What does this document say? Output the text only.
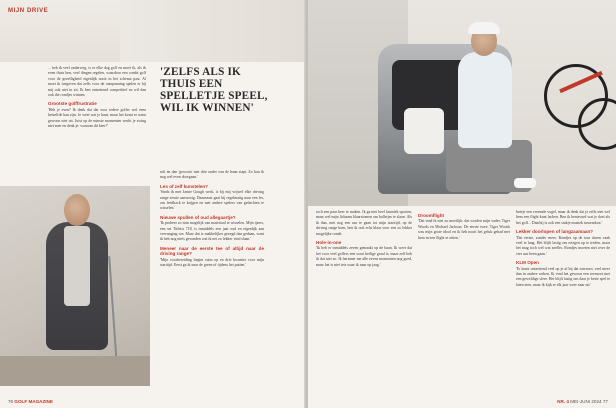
MIJN DRIVE

... heb ik veel onderweg, is er elke dag golf en moet ik, als ik even thuis ben, veel dingen regelen, waardoor een combi golf voor de gezelligheid eigenlijk nooit in het schema past. Al moet ik toegeven dat zelfs voor de ontspanning spelen er bij mij ook niet in zit. Ik ben ontzettend competitief en wil dan ook die rondjes winnen.

Grootste golffrustratie

'Heb je even? Ik denk dat dat voor iedere golfer wel eens hetzelfde kan zijn. Je weet wat je kunt, maar het komt er soms gewoon niet uit. Juist op de minste momenten werkt je swing niet mee en denk je: waarom dit keer?'

'ZELFS ALS IK
THUIS EEN
SPELLETJE SPEEL,
WIL IK WINNEN'

rolt en dan 'gewoon' met drie onder van de baan stapt. Zo kan ik nog wel even doorgaan.'

Les of zelf kunstelen?

'Sinds ik met Jamie Gough werk, is bij mij vrijwel elke driving range sessie aanwezig. Daarnaast gaat bij regelmatig naar een les, om feedback te krijgen en met andere spelers van gedachten te wisselen.'

Nieuwe spullen of oud allegaartje?

'Ik probeer zo min mogelijk van materiaal te wisselen. Mijn ijzers, een set Titleist 718, is inmiddels een jaar oud en eigenlijk aan vervanging toe. Maar dat is makkelijker gezegd dan gedaan, want ik heb nog niets gevonden wat ik net zo lekker vind slaan.'

Meneer naar de eerste tee of altijd naar de driving range?

'Mijn voorbereiding begint ruim op en drie kwartier voor mijn starttijd. Eerst ga ik naar de green of tijdens het putten.'

76 GOLF MAGAZINE

toch een paar keer te maken. Ik ga niet heel fanatiek sporten, maar wel mijn lichaam klaarstomen om balletjes te slaan. Als ik dan, met nog een uur te gaan tot mijn starttijd, op de driving range kom, ben ik ook echt klaar voor een zo lekker mogelijke ronde.

Hole-in-one

'Ik heb er inmiddels zeven gemaakt op de baan. Ik weet dat het voor veel golfers een soort heilige graal is, maar zelf heb ik dat niet zo. Ik herinner me alle zeven momenten nog goed, maar het is niet iets waar ik naar op jaag.'

Droomflight

'Dat vind ik niet zo moeilijk: dat worden mijn vader, Tiger Woods en Michael Jackson. De eerste twee, Tiger Woods was mijn grote idool en ik heb nooit het geluk gehad met hem in een flight te zitten.'

beetje een vreemde vogel, maar ik denk dat je zelfs met wel hem een flight kunt lachen. Ben ik benieuwd wat je doet als het golf... Daarbij is ook een stukje muziek tussendoor.'

Lekker doorlopen of langzaamaan?

'Dat eerste, zonder meer. Rondjes op de tour duren vaak veel te lang. Het blijft lastig om ertegen op te treden, maar het mag toch wel wat sneller. Rondjes moeten niet over de vier uur heen gaan.'

KLM Open

'Er komt ontzettend veel op je af bij dat toernooi, veel meer dan in andere weken. Ik vind het gewoon een toernooi met een geweldige sfeer. Het blijft lastig om daar je beste spel te laten zien, maar ik kijk er elk jaar weer naar uit.'

NR. 4 MEI-JUNI 2024 77
